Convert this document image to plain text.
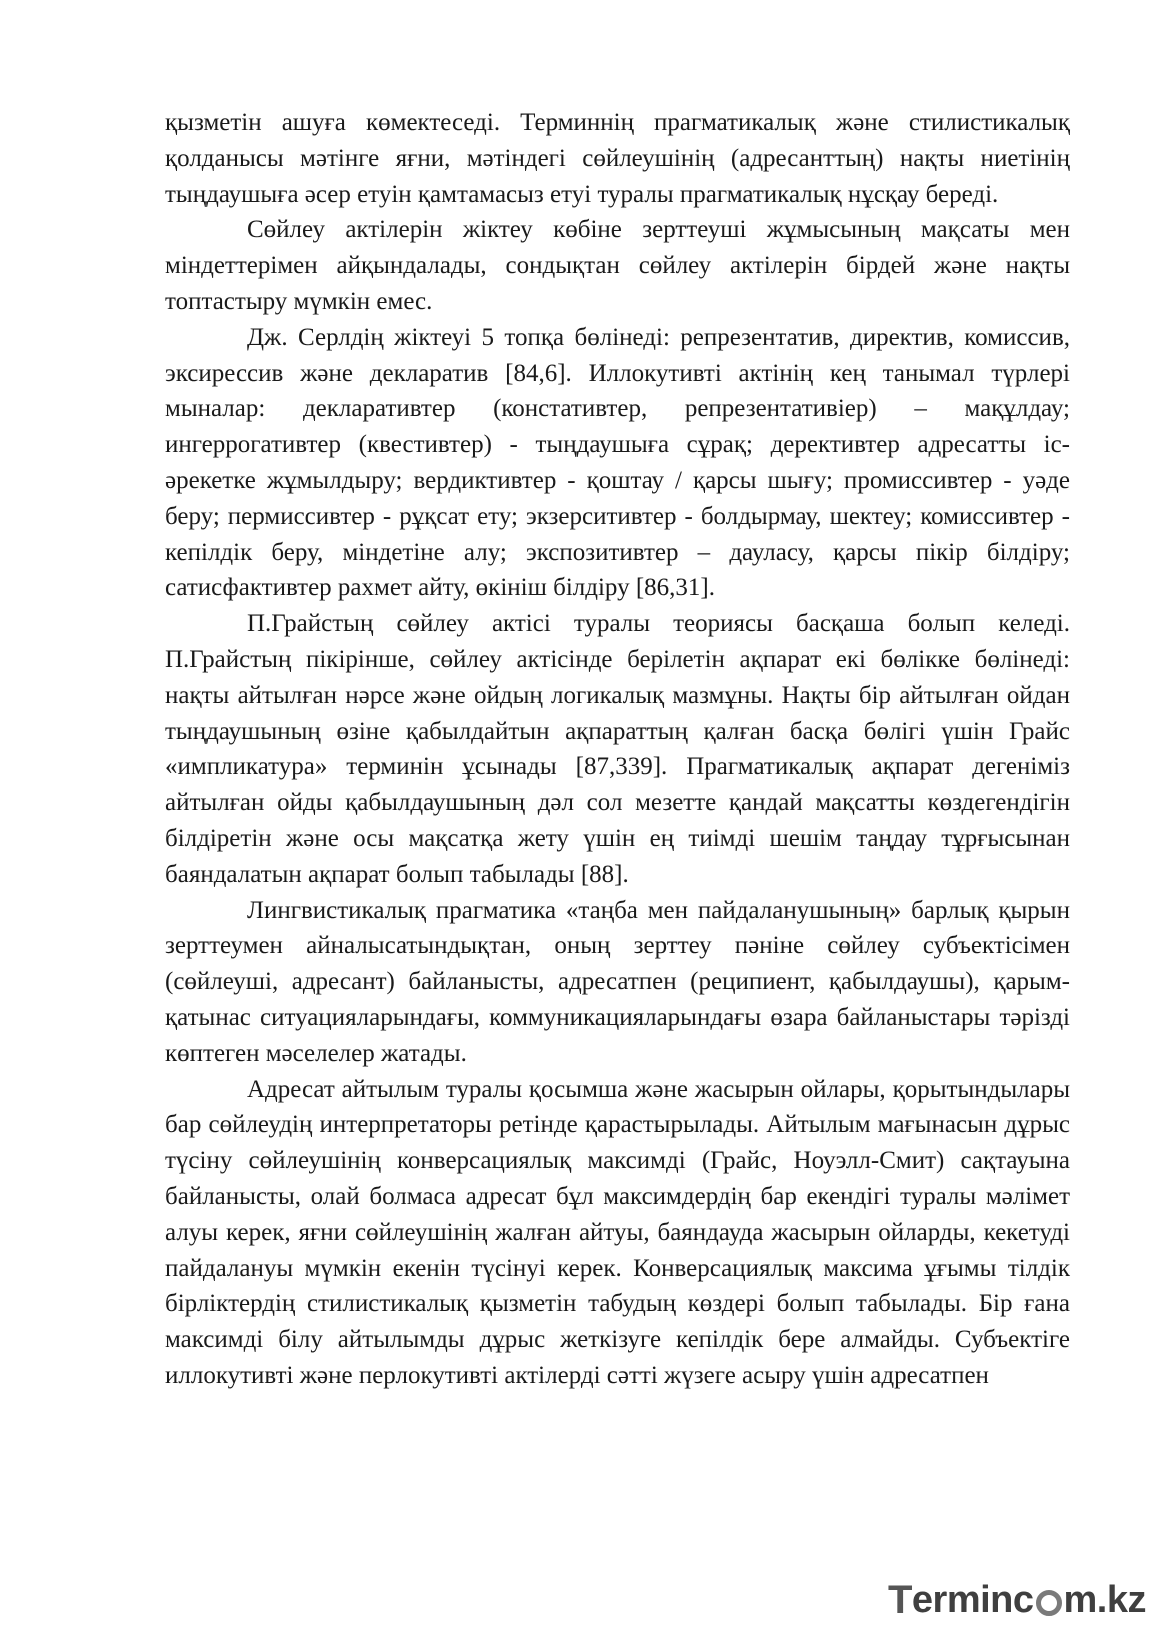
қызметін ашуға көмектеседі. Терминнің прагматикалық және стилистикалық қолданысы мәтінге яғни, мәтіндегі сөйлеушінің (адресанттың) нақты ниетінің тыңдаушыға әсер етуін қамтамасыз етуі туралы прагматикалық нұсқау береді.

Сөйлеу актілерін жіктеу көбіне зерттеуші жұмысының мақсаты мен міндеттерімен айқындалады, сондықтан сөйлеу актілерін бірдей және нақты топтастыру мүмкін емес.

Дж. Серлдің жіктеуі 5 топқа бөлінеді: репрезентатив, директив, комиссив, эксирессив және декларатив [84,6]. Иллокутивті актінің кең танымал түрлері мыналар: декларативтер (констативтер, репрезентативіер) – мақұлдау; ингеррогативтер (квестивтер) - тыңдаушыға сұрақ; дерективтер адресатты іс-әрекетке жұмылдыру; вердиктивтер - қоштау / қарсы шығу; промиссивтер - уәде беру; пермиссивтер - рұқсат ету; экзерситивтер - болдырмау, шектеу; комиссивтер - кепілдік беру, міндетіне алу; экспозитивтер – дауласу, қарсы пікір білдіру; сатисфактивтер рахмет айту, өкініш білдіру [86,31].

П.Грайстың сөйлеу актісі туралы теориясы басқаша болып келеді. П.Грайстың пікірінше, сөйлеу актісінде берілетін ақпарат екі бөлікке бөлінеді: нақты айтылған нәрсе және ойдың логикалық мазмұны. Нақты бір айтылған ойдан тыңдаушының өзіне қабылдайтын ақпараттың қалған басқа бөлігі үшін Грайс «импликатура» терминін ұсынады [87,339]. Прагматикалық ақпарат дегеніміз айтылған ойды қабылдаушының дәл сол мезетте қандай мақсатты көздегендігін білдіретін және осы мақсатқа жету үшін ең тиімді шешім таңдау тұрғысынан баяндалатын ақпарат болып табылады [88].

Лингвистикалық прагматика «таңба мен пайдаланушының» барлық қырын зерттеумен айналысатындықтан, оның зерттеу пәніне сөйлеу субъектісімен (сөйлеуші, адресант) байланысты, адресатпен (реципиент, қабылдаушы), қарым-қатынас ситуацияларындағы, коммуникацияларындағы өзара байланыстары тәрізді көптеген мәселелер жатады.

Адресат айтылым туралы қосымша және жасырын ойлары, қорытындылары бар сөйлеудің интерпретаторы ретінде қарастырылады. Айтылым мағынасын дұрыс түсіну сөйлеушінің конверсациялық максимді (Грайс, Ноуэлл-Смит) сақтауына байланысты, олай болмаса адресат бұл максимдердің бар екендігі туралы мәлімет алуы керек, яғни сөйлеушінің жалған айтуы, баяндауда жасырын ойларды, кекетуді пайдалануы мүмкін екенін түсінуі керек. Конверсациялық максима ұғымы тілдік бірліктердің стилистикалық қызметін табудың көздері болып табылады. Бір ғана максимді білу айтылымды дұрыс жеткізуге кепілдік бере алмайды. Субъектіге иллокутивті және перлокутивті актілерді сәтті жүзеге асыру үшін адресатпен

T erminc m.kz
